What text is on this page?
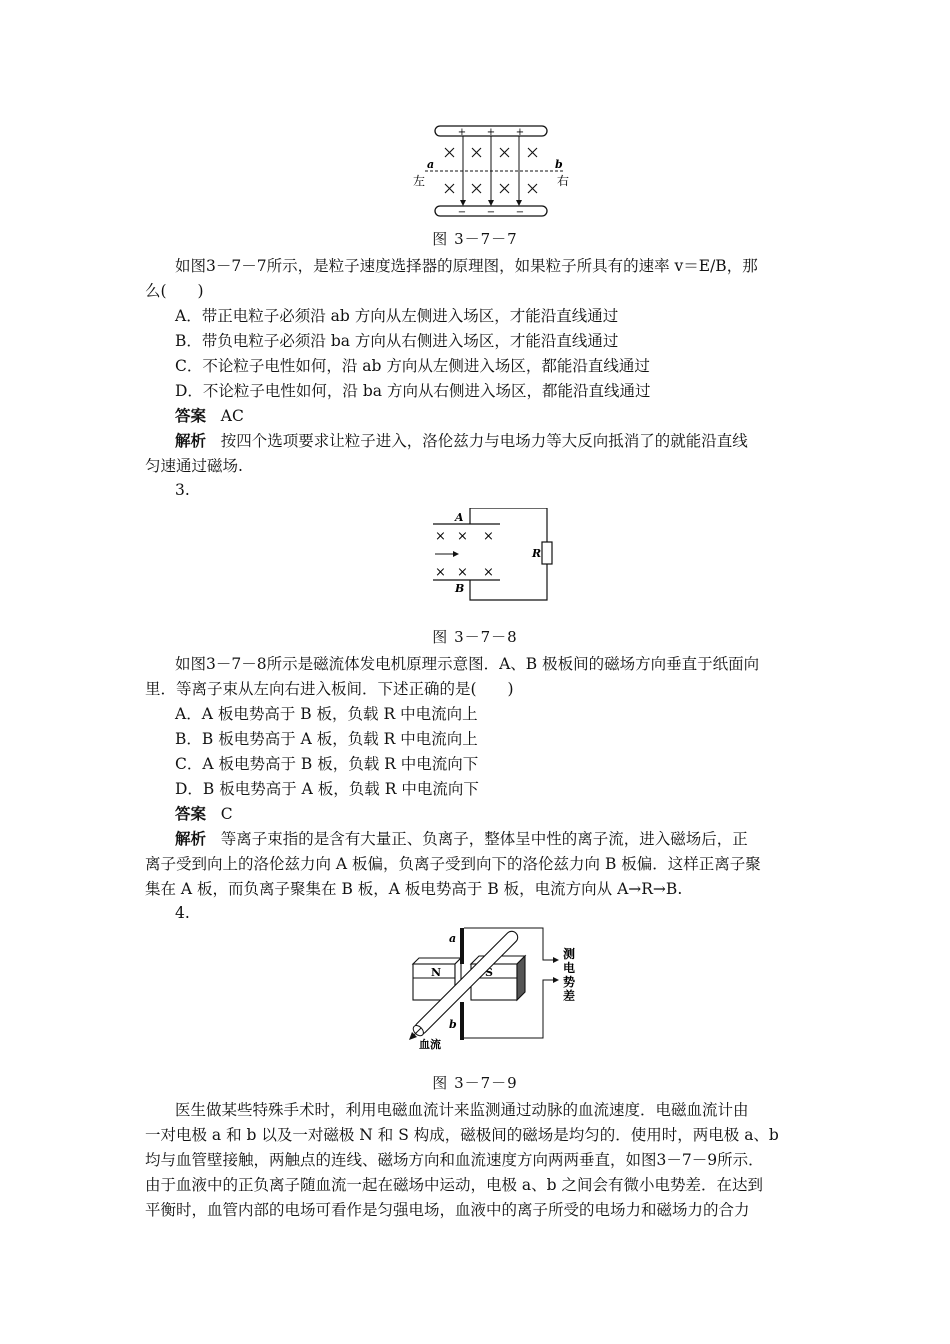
+ + +
− − −
a	b
左	右
图 3－7－7
如图3－7－7所示，是粒子速度选择器的原理图，如果粒子所具有的速率 v＝E/B，那
么(　　)
A．带正电粒子必须沿 ab 方向从左侧进入场区，才能沿直线通过
B．带负电粒子必须沿 ba 方向从右侧进入场区，才能沿直线通过
C．不论粒子电性如何，沿 ab 方向从左侧进入场区，都能沿直线通过
D．不论粒子电性如何，沿 ba 方向从右侧进入场区，都能沿直线通过
答案 AC
解析 按四个选项要求让粒子进入，洛伦兹力与电场力等大反向抵消了的就能沿直线
匀速通过磁场.
3.
R
A
B
× × ×
× × ×
图 3－7－8
如图3－7－8所示是磁流体发电机原理示意图．A、B 极板间的磁场方向垂直于纸面向
里．等离子束从左向右进入板间．下述正确的是(　　)
A．A 板电势高于 B 板，负载 R 中电流向上
B．B 板电势高于 A 板，负载 R 中电流向上
C．A 板电势高于 B 板，负载 R 中电流向下
D．B 板电势高于 A 板，负载 R 中电流向下
答案 C
解析 等离子束指的是含有大量正、负离子，整体呈中性的离子流，进入磁场后，正
离子受到向上的洛伦兹力向 A 板偏，负离子受到向下的洛伦兹力向 B 板偏．这样正离子聚
集在 A 板，而负离子聚集在 B 板，A 板电势高于 B 板，电流方向从 A→R→B.
4.
N	S
a
b
血流
测
电
势
差
图 3－7－9
医生做某些特殊手术时，利用电磁血流计来监测通过动脉的血流速度．电磁血流计由
一对电极 a 和 b 以及一对磁极 N 和 S 构成，磁极间的磁场是均匀的．使用时，两电极 a、b
均与血管壁接触，两触点的连线、磁场方向和血流速度方向两两垂直，如图3－7－9所示．
由于血液中的正负离子随血流一起在磁场中运动，电极 a、b 之间会有微小电势差．在达到
平衡时，血管内部的电场可看作是匀强电场，血液中的离子所受的电场力和磁场力的合力
